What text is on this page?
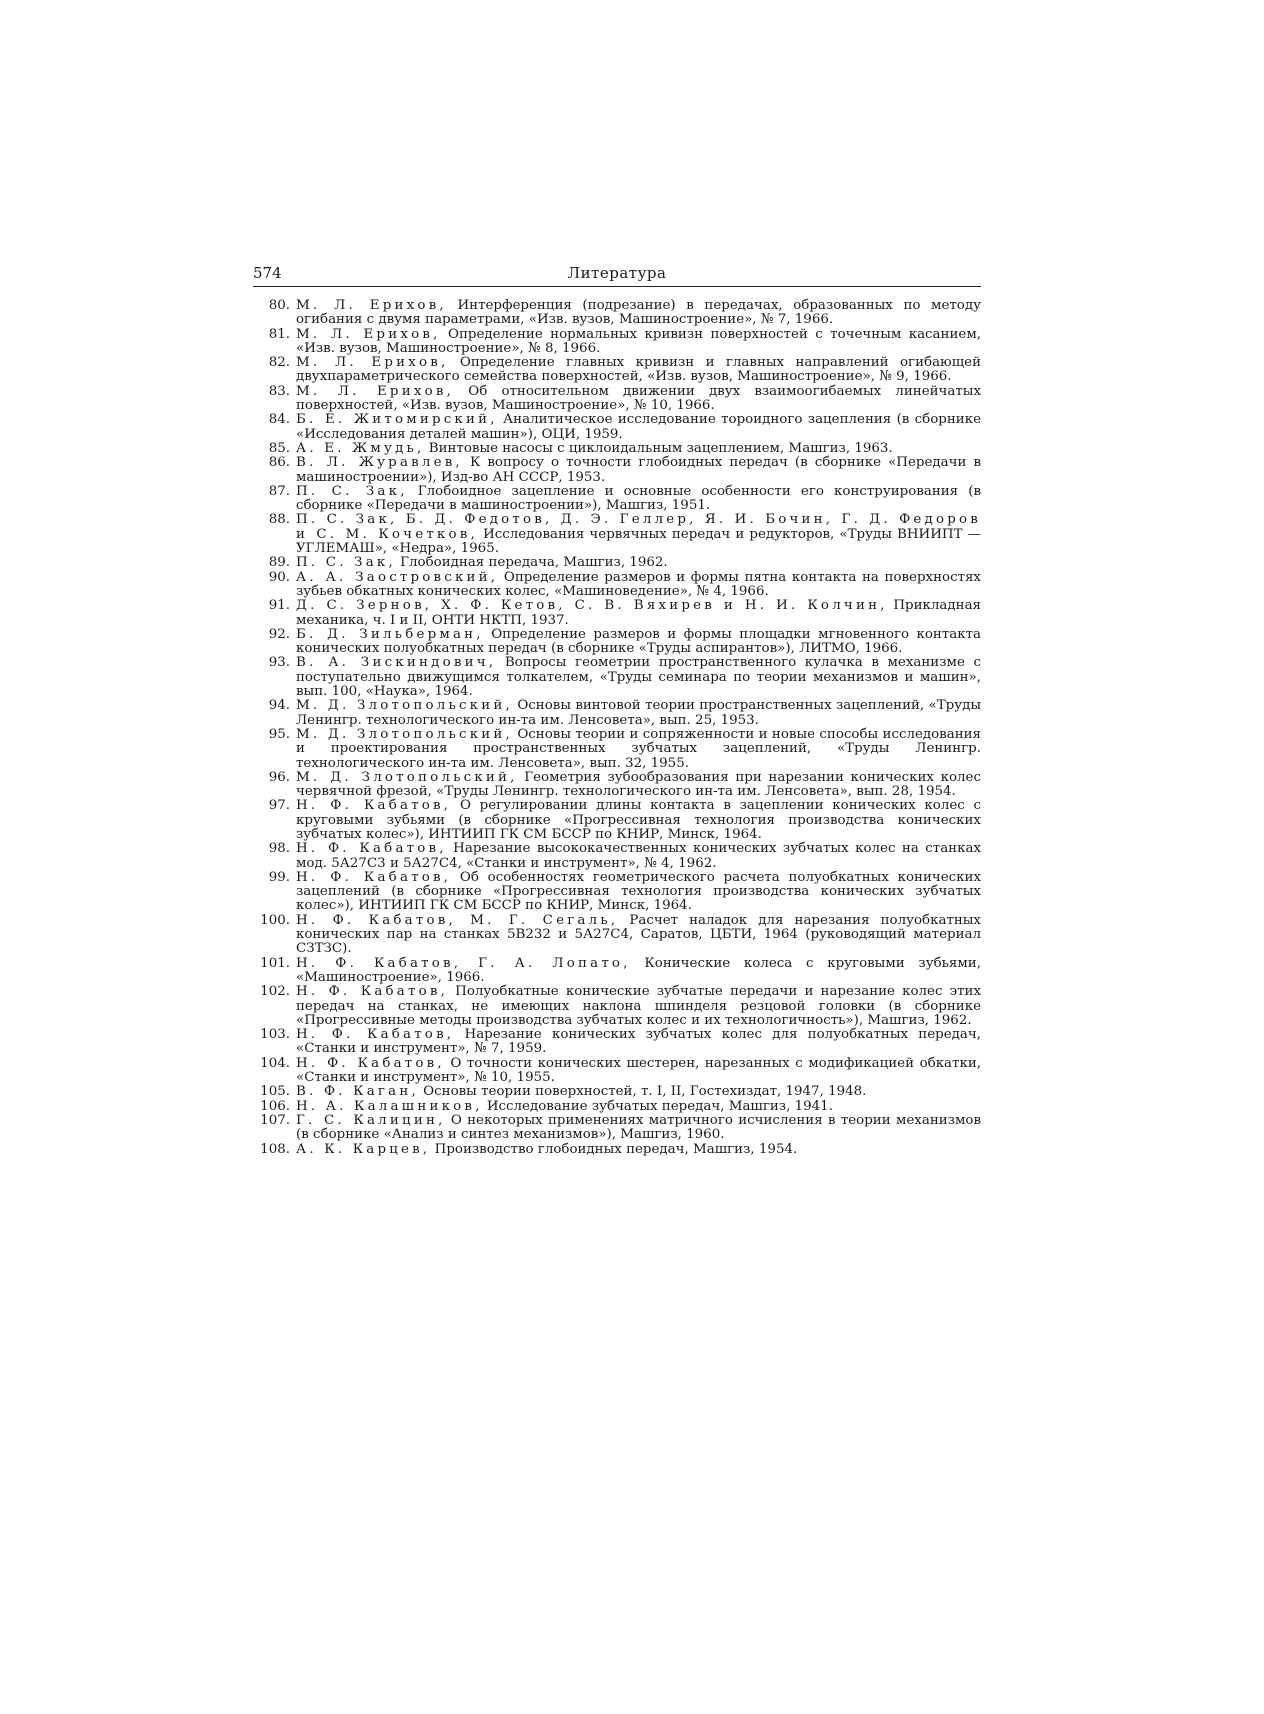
574	Литература

80. М. Л. Ерихов, Интерференция (подрезание) в передачах, образованных по методу огибания с двумя параметрами, «Изв. вузов, Машиностроение», № 7, 1966.

81. М. Л. Ерихов, Определение нормальных кривизн поверхностей с точечным касанием, «Изв. вузов, Машиностроение», № 8, 1966.

82. М. Л. Ерихов, Определение главных кривизн и главных направлений огибающей двухпараметрического семейства поверхностей, «Изв. вузов, Машиностроение», № 9, 1966.

83. М. Л. Ерихов, Об относительном движении двух взаимоогибаемых линейчатых поверхностей, «Изв. вузов, Машиностроение», № 10, 1966.

84. Б. Е. Житомирский, Аналитическое исследование тороидного зацепления (в сборнике «Исследования деталей машин»), ОЦИ, 1959.

85. А. Е. Жмудь, Винтовые насосы с циклоидальным зацеплением, Машгиз, 1963.

86. В. Л. Журавлев, К вопросу о точности глобоидных передач (в сборнике «Передачи в машиностроении»), Изд-во АН СССР, 1953.

87. П. С. Зак, Глобоидное зацепление и основные особенности его конструирования (в сборнике «Передачи в машиностроении»), Машгиз, 1951.

88. П. С. Зак, Б. Д. Федотов, Д. Э. Геллер, Я. И. Бочин, Г. Д. Федоров и С. М. Кочетков, Исследования червячных передач и редукторов, «Труды ВНИИПТ — УГЛЕМАШ», «Недра», 1965.

89. П. С. Зак, Глобоидная передача, Машгиз, 1962.

90. А. А. Заостровский, Определение размеров и формы пятна контакта на поверхностях зубьев обкатных конических колес, «Машиноведение», № 4, 1966.

91. Д. С. Зернов, Х. Ф. Кетов, С. В. Вяхирев и Н. И. Колчин, Прикладная механика, ч. I и II, ОНТИ НКТП, 1937.

92. Б. Д. Зильберман, Определение размеров и формы площадки мгновенного контакта конических полуобкатных передач (в сборнике «Труды аспирантов»), ЛИТМО, 1966.

93. В. А. Зискиндович, Вопросы геометрии пространственного кулачка в механизме с поступательно движущимся толкателем, «Труды семинара по теории механизмов и машин», вып. 100, «Наука», 1964.

94. М. Д. Злотопольский, Основы винтовой теории пространственных зацеплений, «Труды Ленингр. технологического ин-та им. Ленсовета», вып. 25, 1953.

95. М. Д. Злотопольский, Основы теории и сопряженности и новые способы исследования и проектирования пространственных зубчатых зацеплений, «Труды Ленингр. технологического ин-та им. Ленсовета», вып. 32, 1955.

96. М. Д. Злотопольский, Геометрия зубообразования при нарезании конических колес червячной фрезой, «Труды Ленингр. технологического ин-та им. Ленсовета», вып. 28, 1954.

97. Н. Ф. Кабатов, О регулировании длины контакта в зацеплении конических колес с круговыми зубьями (в сборнике «Прогрессивная технология производства конических зубчатых колес»), ИНТИИП ГК СМ БССР по КНИР, Минск, 1964.

98. Н. Ф. Кабатов, Нарезание высококачественных конических зубчатых колес на станках мод. 5А27С3 и 5А27С4, «Станки и инструмент», № 4, 1962.

99. Н. Ф. Кабатов, Об особенностях геометрического расчета полуобкатных конических зацеплений (в сборнике «Прогрессивная технология производства конических зубчатых колес»), ИНТИИП ГК СМ БССР по КНИР, Минск, 1964.

100. Н. Ф. Кабатов, М. Г. Сегаль, Расчет наладок для нарезания полуобкатных конических пар на станках 5В232 и 5А27С4, Саратов, ЦБТИ, 1964 (руководящий материал СЗТЗС).

101. Н. Ф. Кабатов, Г. А. Лопато, Конические колеса с круговыми зубьями, «Машиностроение», 1966.

102. Н. Ф. Кабатов, Полуобкатные конические зубчатые передачи и нарезание колес этих передач на станках, не имеющих наклона шпинделя резцовой головки (в сборнике «Прогрессивные методы производства зубчатых колес и их технологичность»), Машгиз, 1962.

103. Н. Ф. Кабатов, Нарезание конических зубчатых колес для полуобкатных передач, «Станки и инструмент», № 7, 1959.

104. Н. Ф. Кабатов, О точности конических шестерен, нарезанных с модификацией обкатки, «Станки и инструмент», № 10, 1955.

105. В. Ф. Каган, Основы теории поверхностей, т. I, II, Гостехиздат, 1947, 1948.

106. Н. А. Калашников, Исследование зубчатых передач, Машгиз, 1941.

107. Г. С. Калицин, О некоторых применениях матричного исчисления в теории механизмов (в сборнике «Анализ и синтез механизмов»), Машгиз, 1960.

108. А. К. Карцев, Производство глобоидных передач, Машгиз, 1954.
